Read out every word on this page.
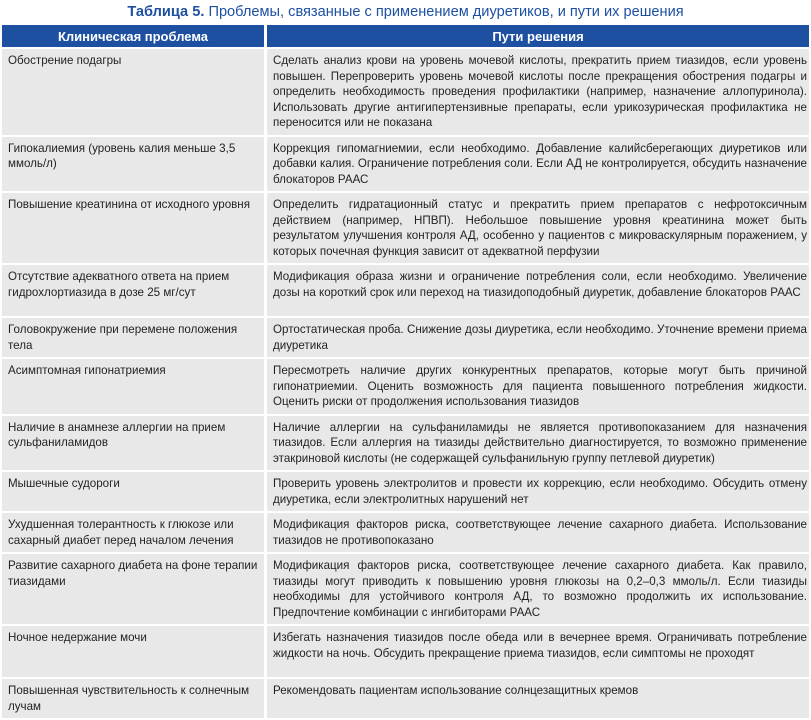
Таблица 5. Проблемы, связанные с применением диуретиков, и пути их решения
Клиническая проблема	Пути решения
Обострение подагры	Сделать анализ крови на уровень мочевой кислоты, прекратить прием тиазидов, если уровень повышен. Перепроверить уровень мочевой кислоты после прекращения обострения подагры и определить необходимость проведения профилактики (например, назначение аллопуринола). Использовать другие антигипертензивные препараты, если урикозурическая профилактика не переносится или не показана
Гипокалиемия (уровень калия меньше 3,5 ммоль/л)	Коррекция гипомагниемии, если необходимо. Добавление калийсберегающих диуретиков или добавки калия. Ограничение потребления соли. Если АД не контролируется, обсудить назначение блокаторов РААС
Повышение креатинина от исходного уровня	Определить гидратационный статус и прекратить прием препаратов с нефротоксичным действием (например, НПВП). Небольшое повышение уровня креатинина может быть результатом улучшения контроля АД, особенно у пациентов с микроваскулярным поражением, у которых почечная функция зависит от адекватной перфузии
Отсутствие адекватного ответа на прием гидрохлортиазида в дозе 25 мг/сут	Модификация образа жизни и ограничение потребления соли, если необходимо. Увеличение дозы на короткий срок или переход на тиазидоподобный диуретик, добавление блокаторов РААС
Головокружение при перемене положения тела	Ортостатическая проба. Снижение дозы диуретика, если необходимо. Уточнение времени приема диуретика
Асимптомная гипонатриемия	Пересмотреть наличие других конкурентных препаратов, которые могут быть причиной гипонатриемии. Оценить возможность для пациента повышенного потребления жидкости. Оценить риски от продолжения использования тиазидов
Наличие в анамнезе аллергии на прием сульфаниламидов	Наличие аллергии на сульфаниламиды не является противопоказанием для назначения тиазидов. Если аллергия на тиазиды действительно диагностируется, то возможно применение этакриновой кислоты (не содержащей сульфанильную группу петлевой диуретик)
Мышечные судороги	Проверить уровень электролитов и провести их коррекцию, если необходимо. Обсудить отмену диуретика, если электролитных нарушений нет
Ухудшенная толерантность к глюкозе или сахарный диабет перед началом лечения	Модификация факторов риска, соответствующее лечение сахарного диабета. Использование тиазидов не противопоказано
Развитие сахарного диабета на фоне терапии тиазидами	Модификация факторов риска, соответствующее лечение сахарного диабета. Как правило, тиазиды могут приводить к повышению уровня глюкозы на 0,2–0,3 ммоль/л. Если тиазиды необходимы для устойчивого контроля АД, то возможно продолжить их использование. Предпочтение комбинации с ингибиторами РААС
Ночное недержание мочи	Избегать назначения тиазидов после обеда или в вечернее время. Ограничивать потребление жидкости на ночь. Обсудить прекращение приема тиазидов, если симптомы не проходят
Повышенная чувствительность к солнечным лучам	Рекомендовать пациентам использование солнцезащитных кремов
